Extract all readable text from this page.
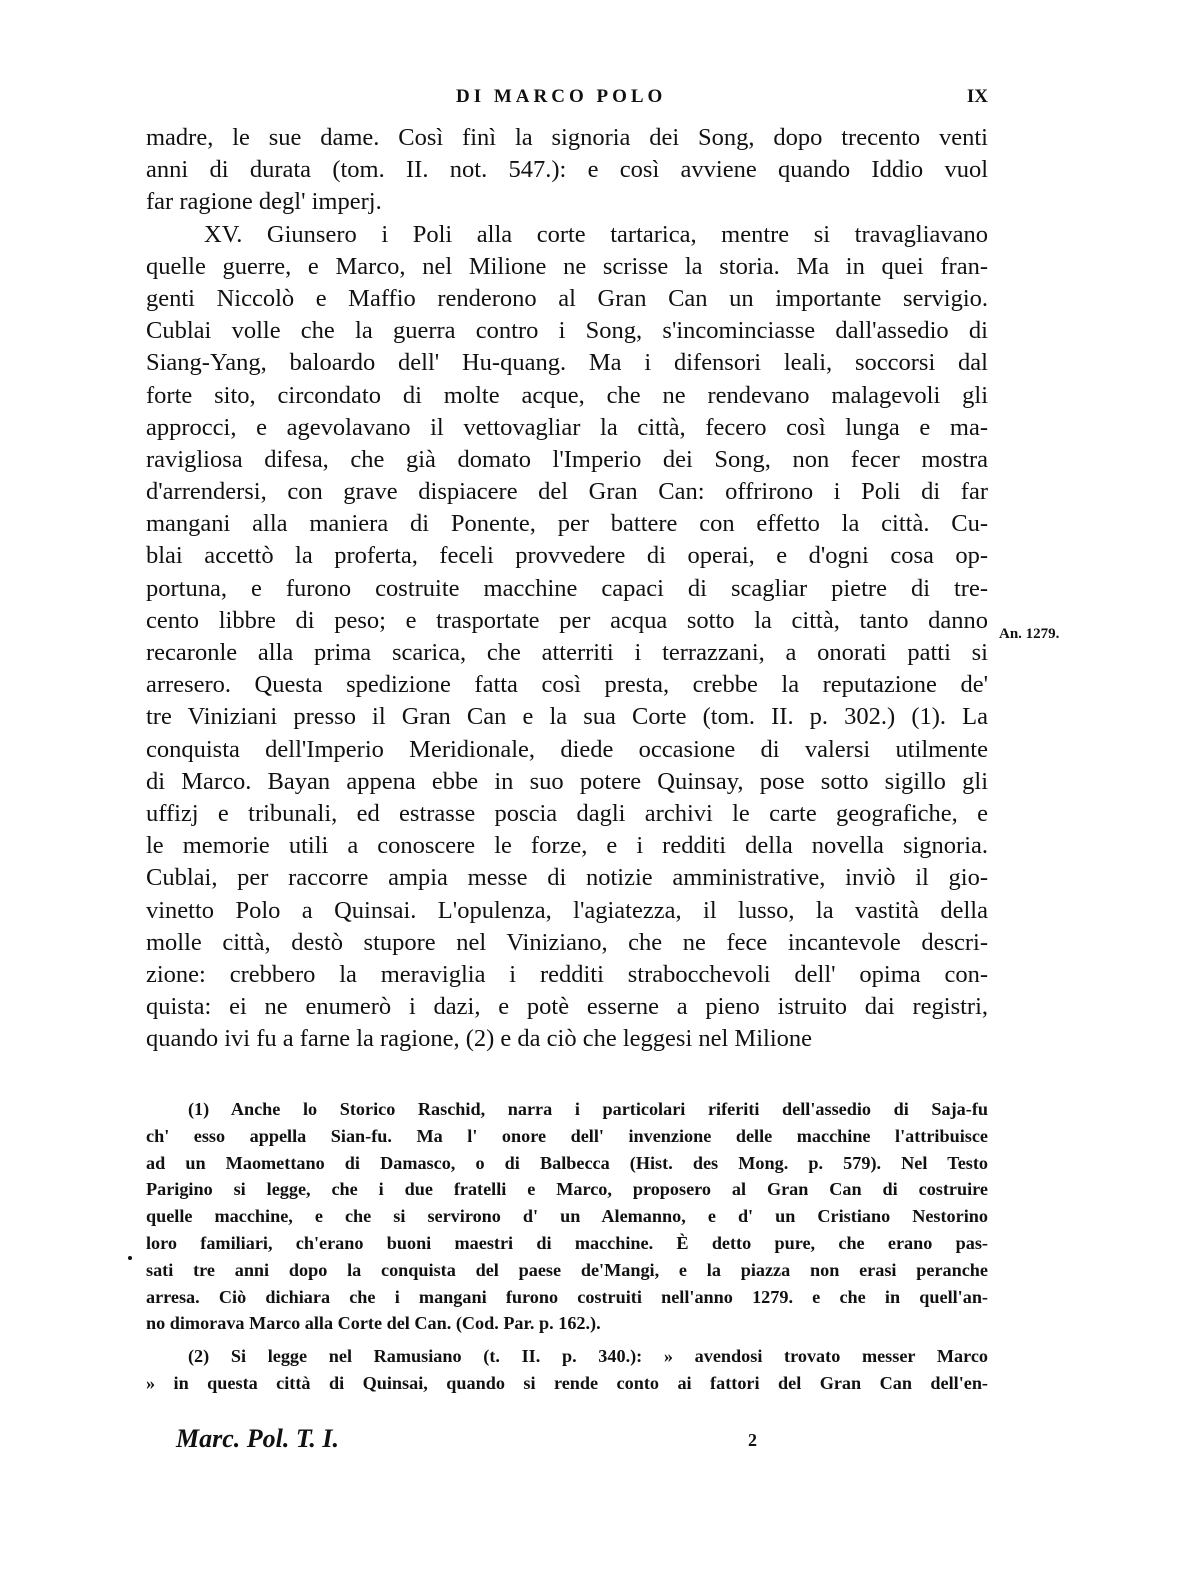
DI MARCO POLO	IX
madre, le sue dame. Così finì la signoria dei Song, dopo trecento venti
anni di durata (tom. II. not. 547.): e così avviene quando Iddio vuol
far ragione degl' imperj.
XV. Giunsero i Poli alla corte tartarica, mentre si travagliavano
quelle guerre, e Marco, nel Milione ne scrisse la storia. Ma in quei fran-
genti Niccolò e Maffio renderono al Gran Can un importante servigio.
Cublai volle che la guerra contro i Song, s'incominciasse dall'assedio di
Siang-Yang, baloardo dell' Hu-quang. Ma i difensori leali, soccorsi dal
forte sito, circondato di molte acque, che ne rendevano malagevoli gli
approcci, e agevolavano il vettovagliar la città, fecero così lunga e ma-
ravigliosa difesa, che già domato l'Imperio dei Song, non fecer mostra
d'arrendersi, con grave dispiacere del Gran Can: offrirono i Poli di far
mangani alla maniera di Ponente, per battere con effetto la città. Cu-
blai accettò la proferta, feceli provvedere di operai, e d'ogni cosa op-
portuna, e furono costruite macchine capaci di scagliar pietre di tre-
cento libbre di peso; e trasportate per acqua sotto la città, tanto danno
recaronle alla prima scarica, che atterriti i terrazzani, a onorati patti si
arresero. Questa spedizione fatta così presta, crebbe la reputazione de'
tre Viniziani presso il Gran Can e la sua Corte (tom. II. p. 302.) (1). La
conquista dell'Imperio Meridionale, diede occasione di valersi utilmente
di Marco. Bayan appena ebbe in suo potere Quinsay, pose sotto sigillo gli
uffizj e tribunali, ed estrasse poscia dagli archivi le carte geografiche, e
le memorie utili a conoscere le forze, e i redditi della novella signoria.
Cublai, per raccorre ampia messe di notizie amministrative, inviò il gio-
vinetto Polo a Quinsai. L'opulenza, l'agiatezza, il lusso, la vastità della
molle città, destò stupore nel Viniziano, che ne fece incantevole descri-
zione: crebbero la meraviglia i redditi strabocchevoli dell' opima con-
quista: ei ne enumerò i dazi, e potè esserne a pieno istruito dai registri,
quando ivi fu a farne la ragione, (2) e da ciò che leggesi nel Milione
An. 1279.
(1) Anche lo Storico Raschid, narra i particolari riferiti dell'assedio di Saja-fu
ch' esso appella Sian-fu. Ma l' onore dell' invenzione delle macchine l'attribuisce
ad un Maomettano di Damasco, o di Balbecca (Hist. des Mong. p. 579). Nel Testo
Parigino si legge, che i due fratelli e Marco, proposero al Gran Can di costruire
quelle macchine, e che si servirono d' un Alemanno, e d' un Cristiano Nestorino
loro familiari, ch'erano buoni maestri di macchine. È detto pure, che erano pas-
sati tre anni dopo la conquista del paese de'Mangi, e la piazza non erasi peranche
arresa. Ciò dichiara che i mangani furono costruiti nell'anno 1279. e che in quell'an-
no dimorava Marco alla Corte del Can. (Cod. Par. p. 162.).
(2) Si legge nel Ramusiano (t. II. p. 340.): » avendosi trovato messer Marco
» in questa città di Quinsai, quando si rende conto ai fattori del Gran Can dell'en-
Marc. Pol. T. I.	2
